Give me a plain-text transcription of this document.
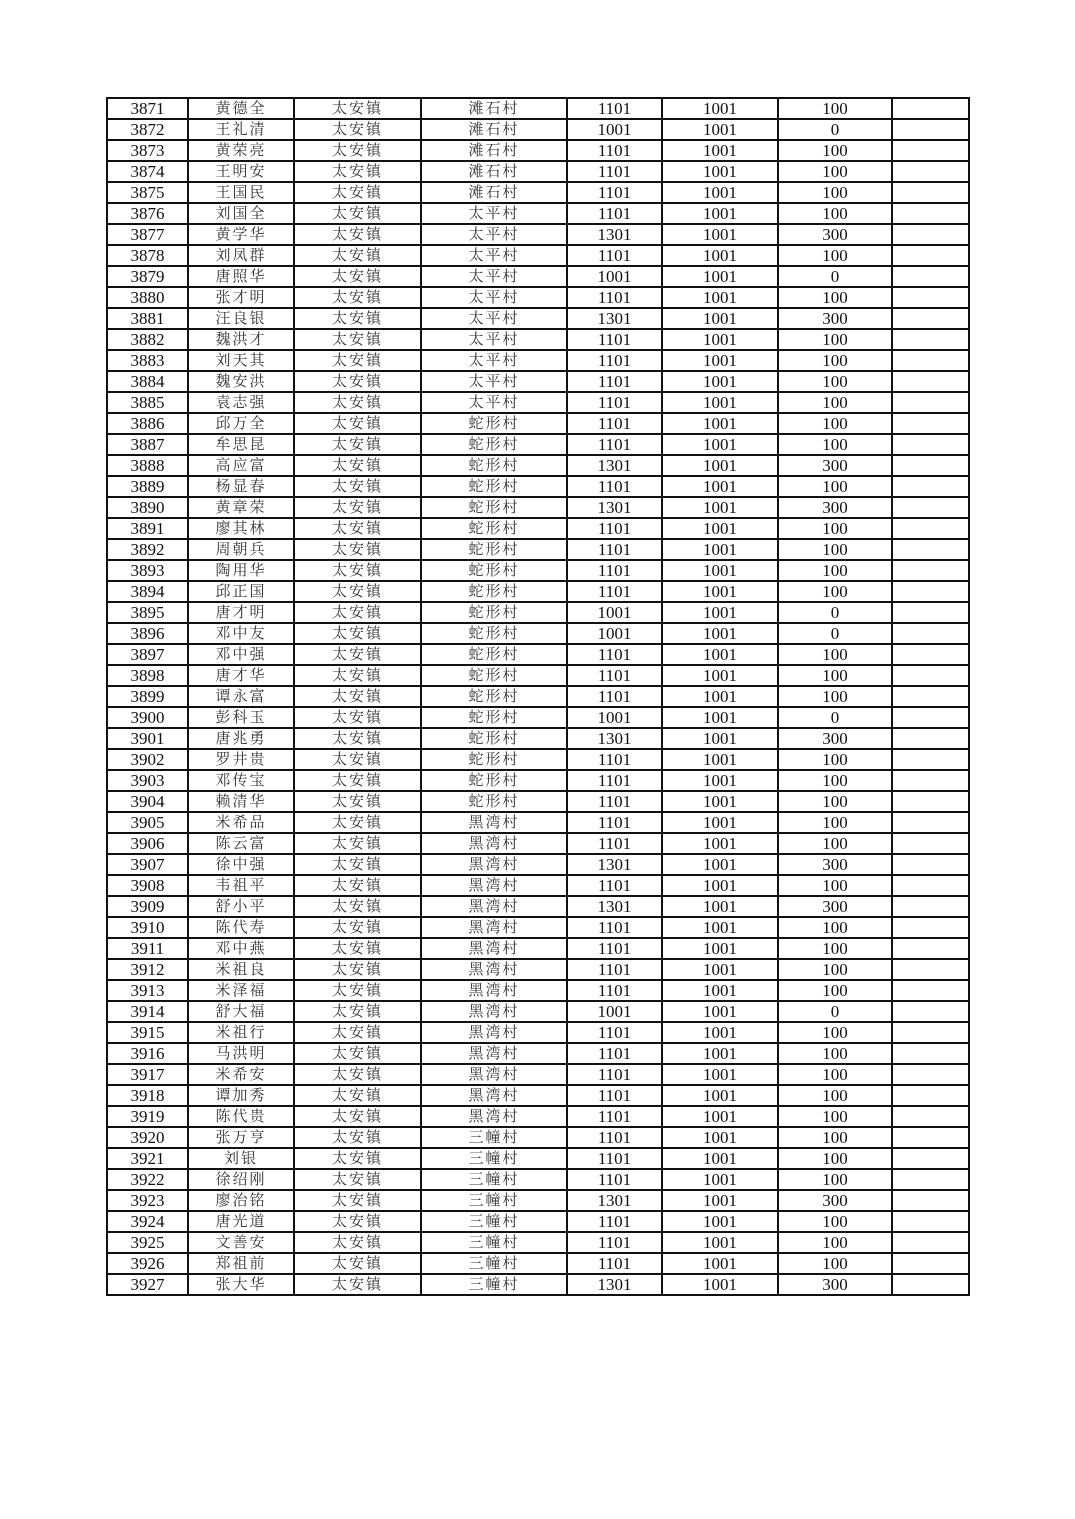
3871	黄德全	太安镇	滩石村	1101	1001	100	
3872	王礼清	太安镇	滩石村	1001	1001	0	
3873	黄荣亮	太安镇	滩石村	1101	1001	100	
3874	王明安	太安镇	滩石村	1101	1001	100	
3875	王国民	太安镇	滩石村	1101	1001	100	
3876	刘国全	太安镇	太平村	1101	1001	100	
3877	黄学华	太安镇	太平村	1301	1001	300	
3878	刘凤群	太安镇	太平村	1101	1001	100	
3879	唐照华	太安镇	太平村	1001	1001	0	
3880	张才明	太安镇	太平村	1101	1001	100	
3881	汪良银	太安镇	太平村	1301	1001	300	
3882	魏洪才	太安镇	太平村	1101	1001	100	
3883	刘天其	太安镇	太平村	1101	1001	100	
3884	魏安洪	太安镇	太平村	1101	1001	100	
3885	袁志强	太安镇	太平村	1101	1001	100	
3886	邱万全	太安镇	蛇形村	1101	1001	100	
3887	牟思昆	太安镇	蛇形村	1101	1001	100	
3888	高应富	太安镇	蛇形村	1301	1001	300	
3889	杨显春	太安镇	蛇形村	1101	1001	100	
3890	黄章荣	太安镇	蛇形村	1301	1001	300	
3891	廖其林	太安镇	蛇形村	1101	1001	100	
3892	周朝兵	太安镇	蛇形村	1101	1001	100	
3893	陶用华	太安镇	蛇形村	1101	1001	100	
3894	邱正国	太安镇	蛇形村	1101	1001	100	
3895	唐才明	太安镇	蛇形村	1001	1001	0	
3896	邓中友	太安镇	蛇形村	1001	1001	0	
3897	邓中强	太安镇	蛇形村	1101	1001	100	
3898	唐才华	太安镇	蛇形村	1101	1001	100	
3899	谭永富	太安镇	蛇形村	1101	1001	100	
3900	彭科玉	太安镇	蛇形村	1001	1001	0	
3901	唐兆勇	太安镇	蛇形村	1301	1001	300	
3902	罗井贵	太安镇	蛇形村	1101	1001	100	
3903	邓传宝	太安镇	蛇形村	1101	1001	100	
3904	赖清华	太安镇	蛇形村	1101	1001	100	
3905	米希品	太安镇	黑湾村	1101	1001	100	
3906	陈云富	太安镇	黑湾村	1101	1001	100	
3907	徐中强	太安镇	黑湾村	1301	1001	300	
3908	韦祖平	太安镇	黑湾村	1101	1001	100	
3909	舒小平	太安镇	黑湾村	1301	1001	300	
3910	陈代寿	太安镇	黑湾村	1101	1001	100	
3911	邓中燕	太安镇	黑湾村	1101	1001	100	
3912	米祖良	太安镇	黑湾村	1101	1001	100	
3913	米泽福	太安镇	黑湾村	1101	1001	100	
3914	舒大福	太安镇	黑湾村	1001	1001	0	
3915	米祖行	太安镇	黑湾村	1101	1001	100	
3916	马洪明	太安镇	黑湾村	1101	1001	100	
3917	米希安	太安镇	黑湾村	1101	1001	100	
3918	谭加秀	太安镇	黑湾村	1101	1001	100	
3919	陈代贵	太安镇	黑湾村	1101	1001	100	
3920	张万亨	太安镇	三幢村	1101	1001	100	
3921	刘银	太安镇	三幢村	1101	1001	100	
3922	徐绍刚	太安镇	三幢村	1101	1001	100	
3923	廖治铭	太安镇	三幢村	1301	1001	300	
3924	唐光道	太安镇	三幢村	1101	1001	100	
3925	文善安	太安镇	三幢村	1101	1001	100	
3926	郑祖前	太安镇	三幢村	1101	1001	100	
3927	张大华	太安镇	三幢村	1301	1001	300	
